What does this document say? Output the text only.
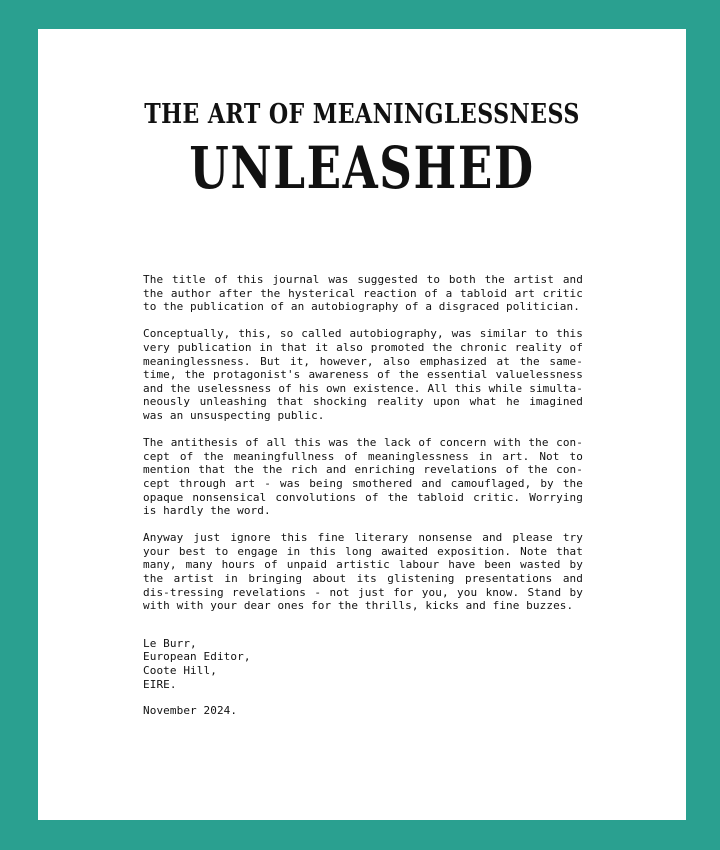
THE ART OF MEANINGLESSNESS
UNLEASHED

The title of this journal was suggested to both the artist and the author after the hysterical reaction of a tabloid art critic to the publication of an autobiography of a disgraced politician.

Conceptually, this, so called autobiography, was similar to this very publication in that it also promoted the chronic reality of meaninglessness. But it, however, also emphasized at the same-time, the protagonist's awareness of the essential valuelessness and the uselessness of his own existence. All this while simulta-neously unleashing that shocking reality upon what he imagined was an unsuspecting public.

The antithesis of all this was the lack of concern with the con-cept of the meaningfullness of meaninglessness in art. Not to mention that the the rich and enriching revelations of the con-cept through art - was being smothered and camouflaged, by the opaque nonsensical convolutions of the tabloid critic. Worrying is hardly the word.

Anyway just ignore this fine literary nonsense and please try your best to engage in this long awaited exposition. Note that many, many hours of unpaid artistic labour have been wasted by the artist in bringing about its glistening presentations and dis-tressing revelations - not just for you, you know. Stand by with with your dear ones for the thrills, kicks and fine buzzes.

Le Burr,
European Editor,
Coote Hill,
EIRE.
November 2024.
